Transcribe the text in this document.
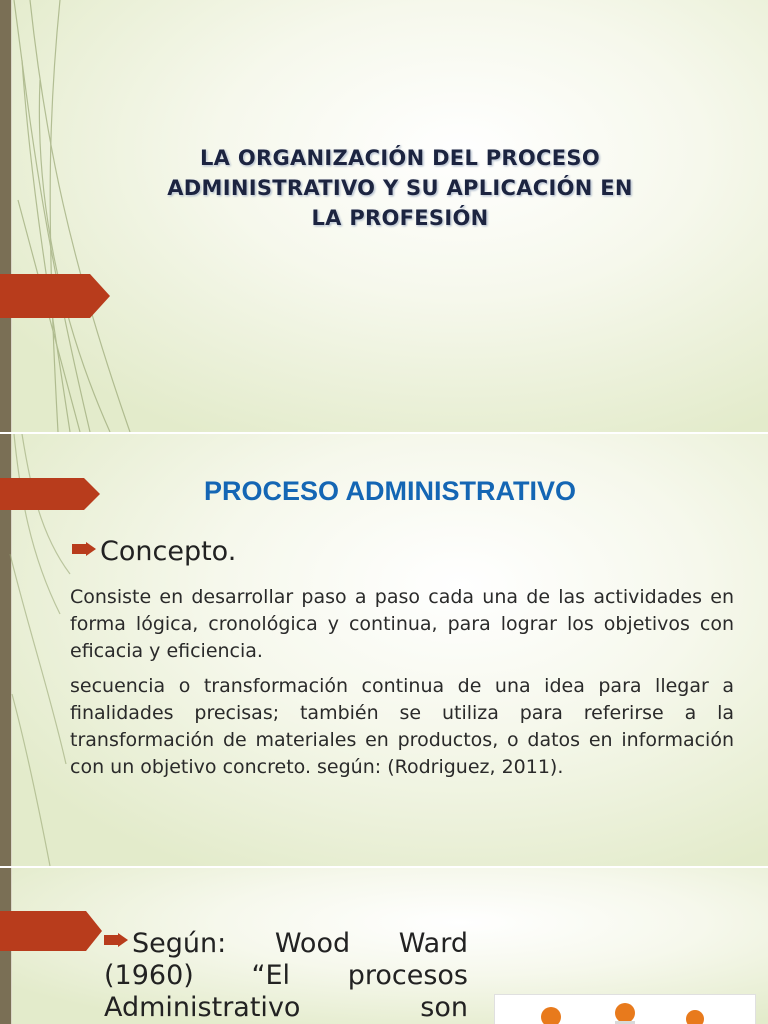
LA ORGANIZACIÓN DEL PROCESO ADMINISTRATIVO Y SU APLICACIÓN EN LA PROFESIÓN
PROCESO ADMINISTRATIVO
Concepto.
Consiste en desarrollar paso a paso cada una de las actividades en forma lógica, cronológica y continua, para lograr los objetivos con eficacia y eficiencia.
secuencia o transformación continua de una idea para llegar a finalidades precisas; también se utiliza para referirse a la transformación de materiales en productos, o datos en información con un objetivo concreto. según: (Rodriguez, 2011).
Según: Wood Ward (1960) “El procesos Administrativo son
